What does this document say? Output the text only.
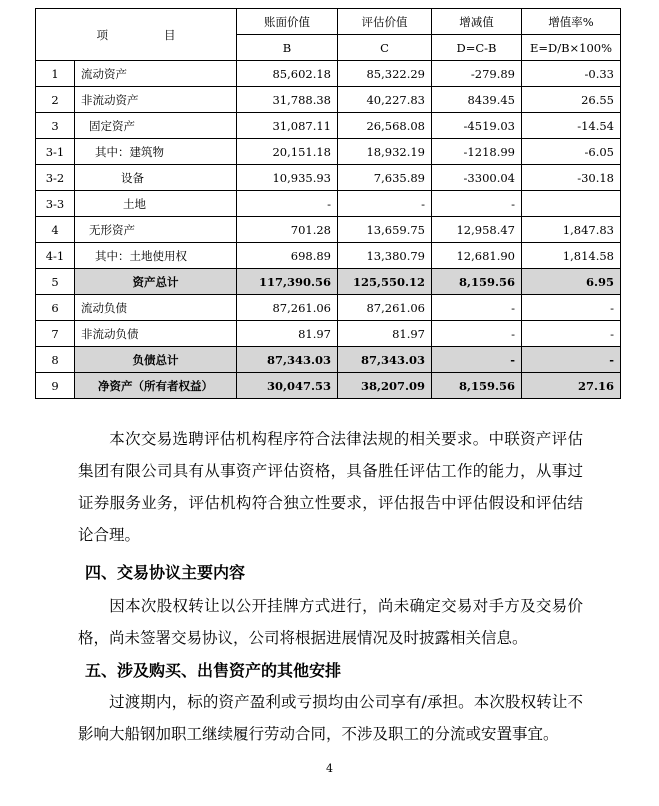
项 目		账面价值	评估价值	增减值	增值率%
		B	C	D=C-B	E=D/B×100%
1	流动资产	85,602.18	85,322.29	-279.89	-0.33
2	非流动资产	31,788.38	40,227.83	8439.45	26.55
3	固定资产	31,087.11	26,568.08	-4519.03	-14.54
3-1	其中：建筑物	20,151.18	18,932.19	-1218.99	-6.05
3-2	设备	10,935.93	7,635.89	-3300.04	-30.18
3-3	土地	-	-	-	
4	无形资产	701.28	13,659.75	12,958.47	1,847.83
4-1	其中：土地使用权	698.89	13,380.79	12,681.90	1,814.58
5	资产总计	117,390.56	125,550.12	8,159.56	6.95
6	流动负债	87,261.06	87,261.06	-	-
7	非流动负债	81.97	81.97	-	-
8	负债总计	87,343.03	87,343.03	-	-
9	净资产（所有者权益）	30,047.53	38,207.09	8,159.56	27.16
本次交易选聘评估机构程序符合法律法规的相关要求。中联资产评估集团有限公司具有从事资产评估资格，具备胜任评估工作的能力，从事过证券服务业务，评估机构符合独立性要求，评估报告中评估假设和评估结论合理。
四、交易协议主要内容
因本次股权转让以公开挂牌方式进行，尚未确定交易对手方及交易价格，尚未签署交易协议，公司将根据进展情况及时披露相关信息。
五、涉及购买、出售资产的其他安排
过渡期内，标的资产盈利或亏损均由公司享有/承担。本次股权转让不影响大船钢加职工继续履行劳动合同，不涉及职工的分流或安置事宜。
4
